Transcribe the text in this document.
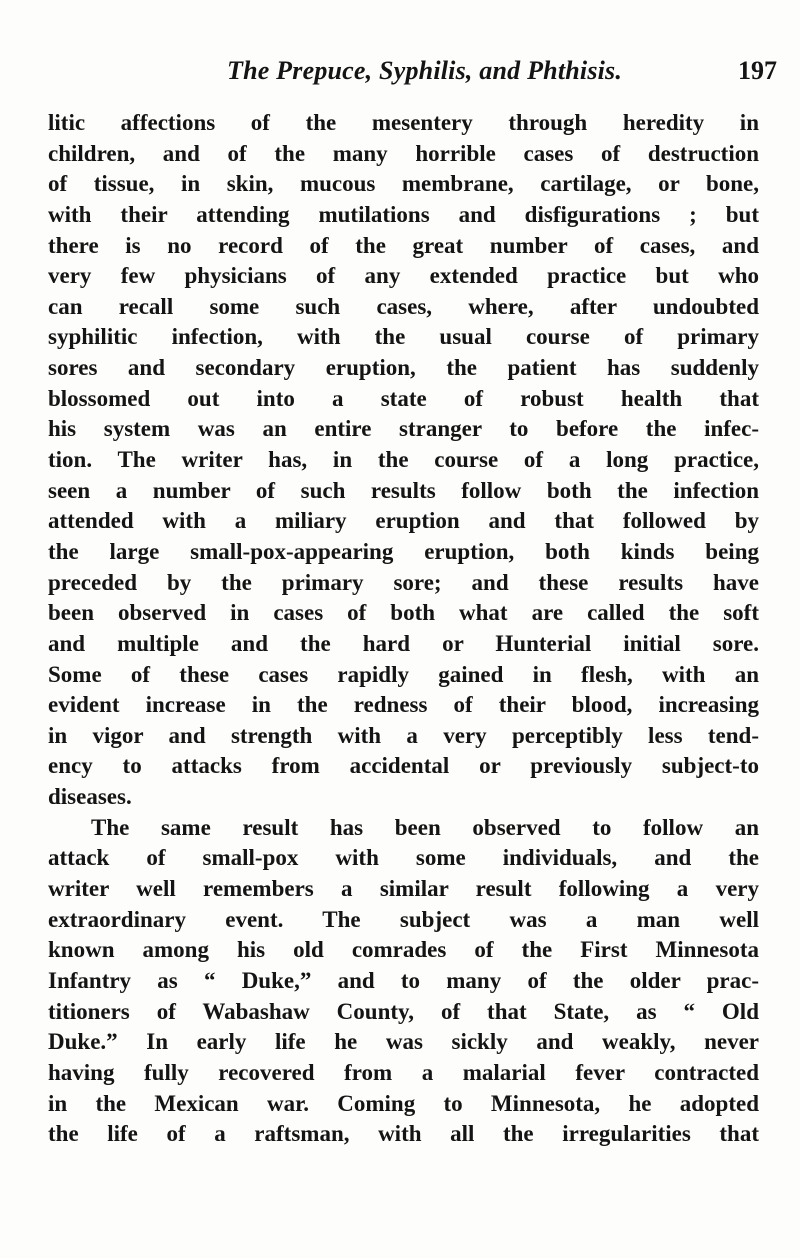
The Prepuce, Syphilis, and Phthisis.	197
litic affections of the mesentery through heredity in
children, and of the many horrible cases of destruction
of tissue, in skin, mucous membrane, cartilage, or bone,
with their attending mutilations and disfigurations ; but
there is no record of the great number of cases, and
very few physicians of any extended practice but who
can recall some such cases, where, after undoubted
syphilitic infection, with the usual course of primary
sores and secondary eruption, the patient has suddenly
blossomed out into a state of robust health that
his system was an entire stranger to before the infec-
tion. The writer has, in the course of a long practice,
seen a number of such results follow both the infection
attended with a miliary eruption and that followed by
the large small-pox-appearing eruption, both kinds being
preceded by the primary sore; and these results have
been observed in cases of both what are called the soft
and multiple and the hard or Hunterial initial sore.
Some of these cases rapidly gained in flesh, with an
evident increase in the redness of their blood, increasing
in vigor and strength with a very perceptibly less tend-
ency to attacks from accidental or previously subject-to
diseases.
The same result has been observed to follow an
attack of small-pox with some individuals, and the
writer well remembers a similar result following a very
extraordinary event. The subject was a man well
known among his old comrades of the First Minnesota
Infantry as “ Duke,” and to many of the older prac-
titioners of Wabashaw County, of that State, as “ Old
Duke.” In early life he was sickly and weakly, never
having fully recovered from a malarial fever contracted
in the Mexican war. Coming to Minnesota, he adopted
the life of a raftsman, with all the irregularities that
